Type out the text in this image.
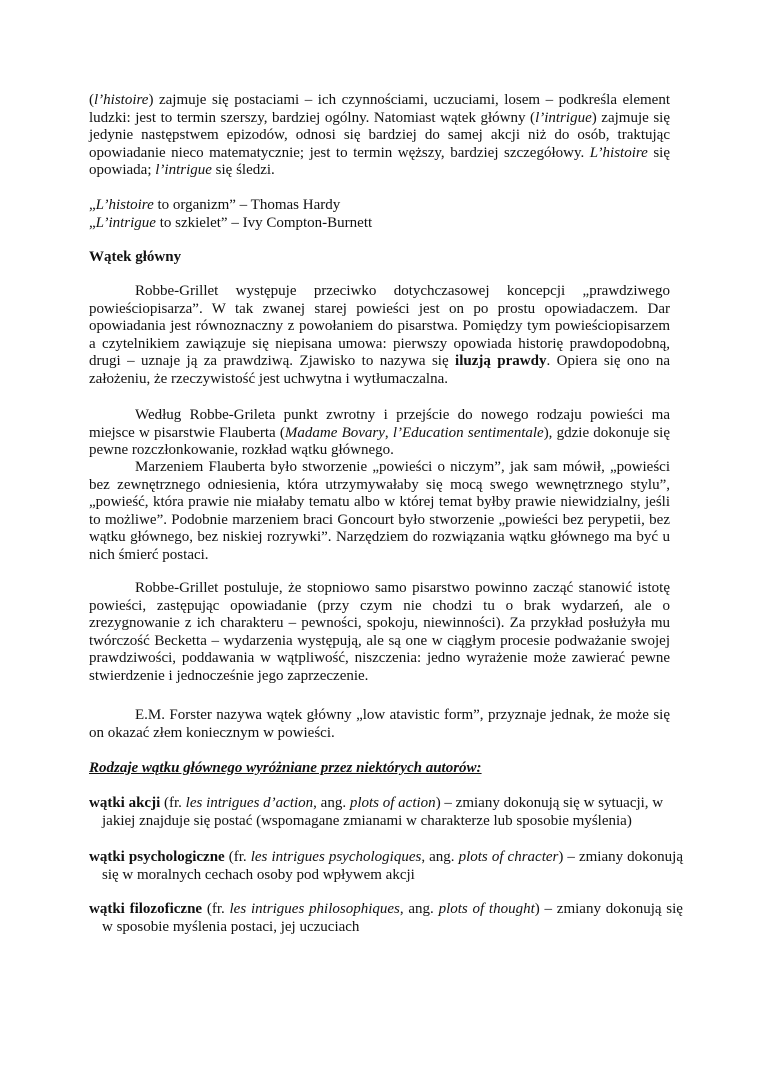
(l’histoire) zajmuje się postaciami – ich czynnościami, uczuciami, losem – podkreśla element ludzki: jest to termin szerszy, bardziej ogólny. Natomiast wątek główny (l’intrigue) zajmuje się jedynie następstwem epizodów, odnosi się bardziej do samej akcji niż do osób, traktując opowiadanie nieco matematycznie; jest to termin węższy, bardziej szczegółowy. L’histoire się opowiada; l’intrigue się śledzi.

„L’histoire to organizm” – Thomas Hardy
„L’intrigue to szkielet” – Ivy Compton-Burnett
Wątek główny

Robbe-Grillet występuje przeciwko dotychczasowej koncepcji „prawdziwego powieściopisarza”. W tak zwanej starej powieści jest on po prostu opowiadaczem. Dar opowiadania jest równoznaczny z powołaniem do pisarstwa. Pomiędzy tym powieściopisarzem a czytelnikiem zawiązuje się niepisana umowa: pierwszy opowiada historię prawdopodobną, drugi – uznaje ją za prawdziwą. Zjawisko to nazywa się iluzją prawdy. Opiera się ono na założeniu, że rzeczywistość jest uchwytna i wytłumaczalna.

Według Robbe-Grileta punkt zwrotny i przejście do nowego rodzaju powieści ma miejsce w pisarstwie Flauberta (Madame Bovary, l’Education sentimentale), gdzie dokonuje się pewne rozczłonkowanie, rozkład wątku głównego.

Marzeniem Flauberta było stworzenie „powieści o niczym”, jak sam mówił, „powieści bez zewnętrznego odniesienia, która utrzymywałaby się mocą swego wewnętrznego stylu”, „powieść, która prawie nie miałaby tematu albo w której temat byłby prawie niewidzialny, jeśli to możliwe”. Podobnie marzeniem braci Goncourt było stworzenie „powieści bez perypetii, bez wątku głównego, bez niskiej rozrywki”. Narzędziem do rozwiązania wątku głównego ma być u nich śmierć postaci.

Robbe-Grillet postuluje, że stopniowo samo pisarstwo powinno zacząć stanowić istotę powieści, zastępując opowiadanie (przy czym nie chodzi tu o brak wydarzeń, ale o zrezygnowanie z ich charakteru – pewności, spokoju, niewinności). Za przykład posłużyła mu twórczość Becketta – wydarzenia występują, ale są one w ciągłym procesie podważanie swojej prawdziwości, poddawania w wątpliwość, niszczenia: jedno wyrażenie może zawierać pewne stwierdzenie i jednocześnie jego zaprzeczenie.

E.M. Forster nazywa wątek główny „low atavistic form”, przyznaje jednak, że może się on okazać złem koniecznym w powieści.

Rodzaje wątku głównego wyróżniane przez niektórych autorów:

wątki akcji (fr. les intrigues d’action, ang. plots of action) – zmiany dokonują się w sytuacji, w jakiej znajduje się postać (wspomagane zmianami w charakterze lub sposobie myślenia)

wątki psychologiczne (fr. les intrigues psychologiques, ang. plots of chracter) – zmiany dokonują się w moralnych cechach osoby pod wpływem akcji

wątki filozoficzne (fr. les intrigues philosophiques, ang. plots of thought) – zmiany dokonują się w sposobie myślenia postaci, jej uczuciach
